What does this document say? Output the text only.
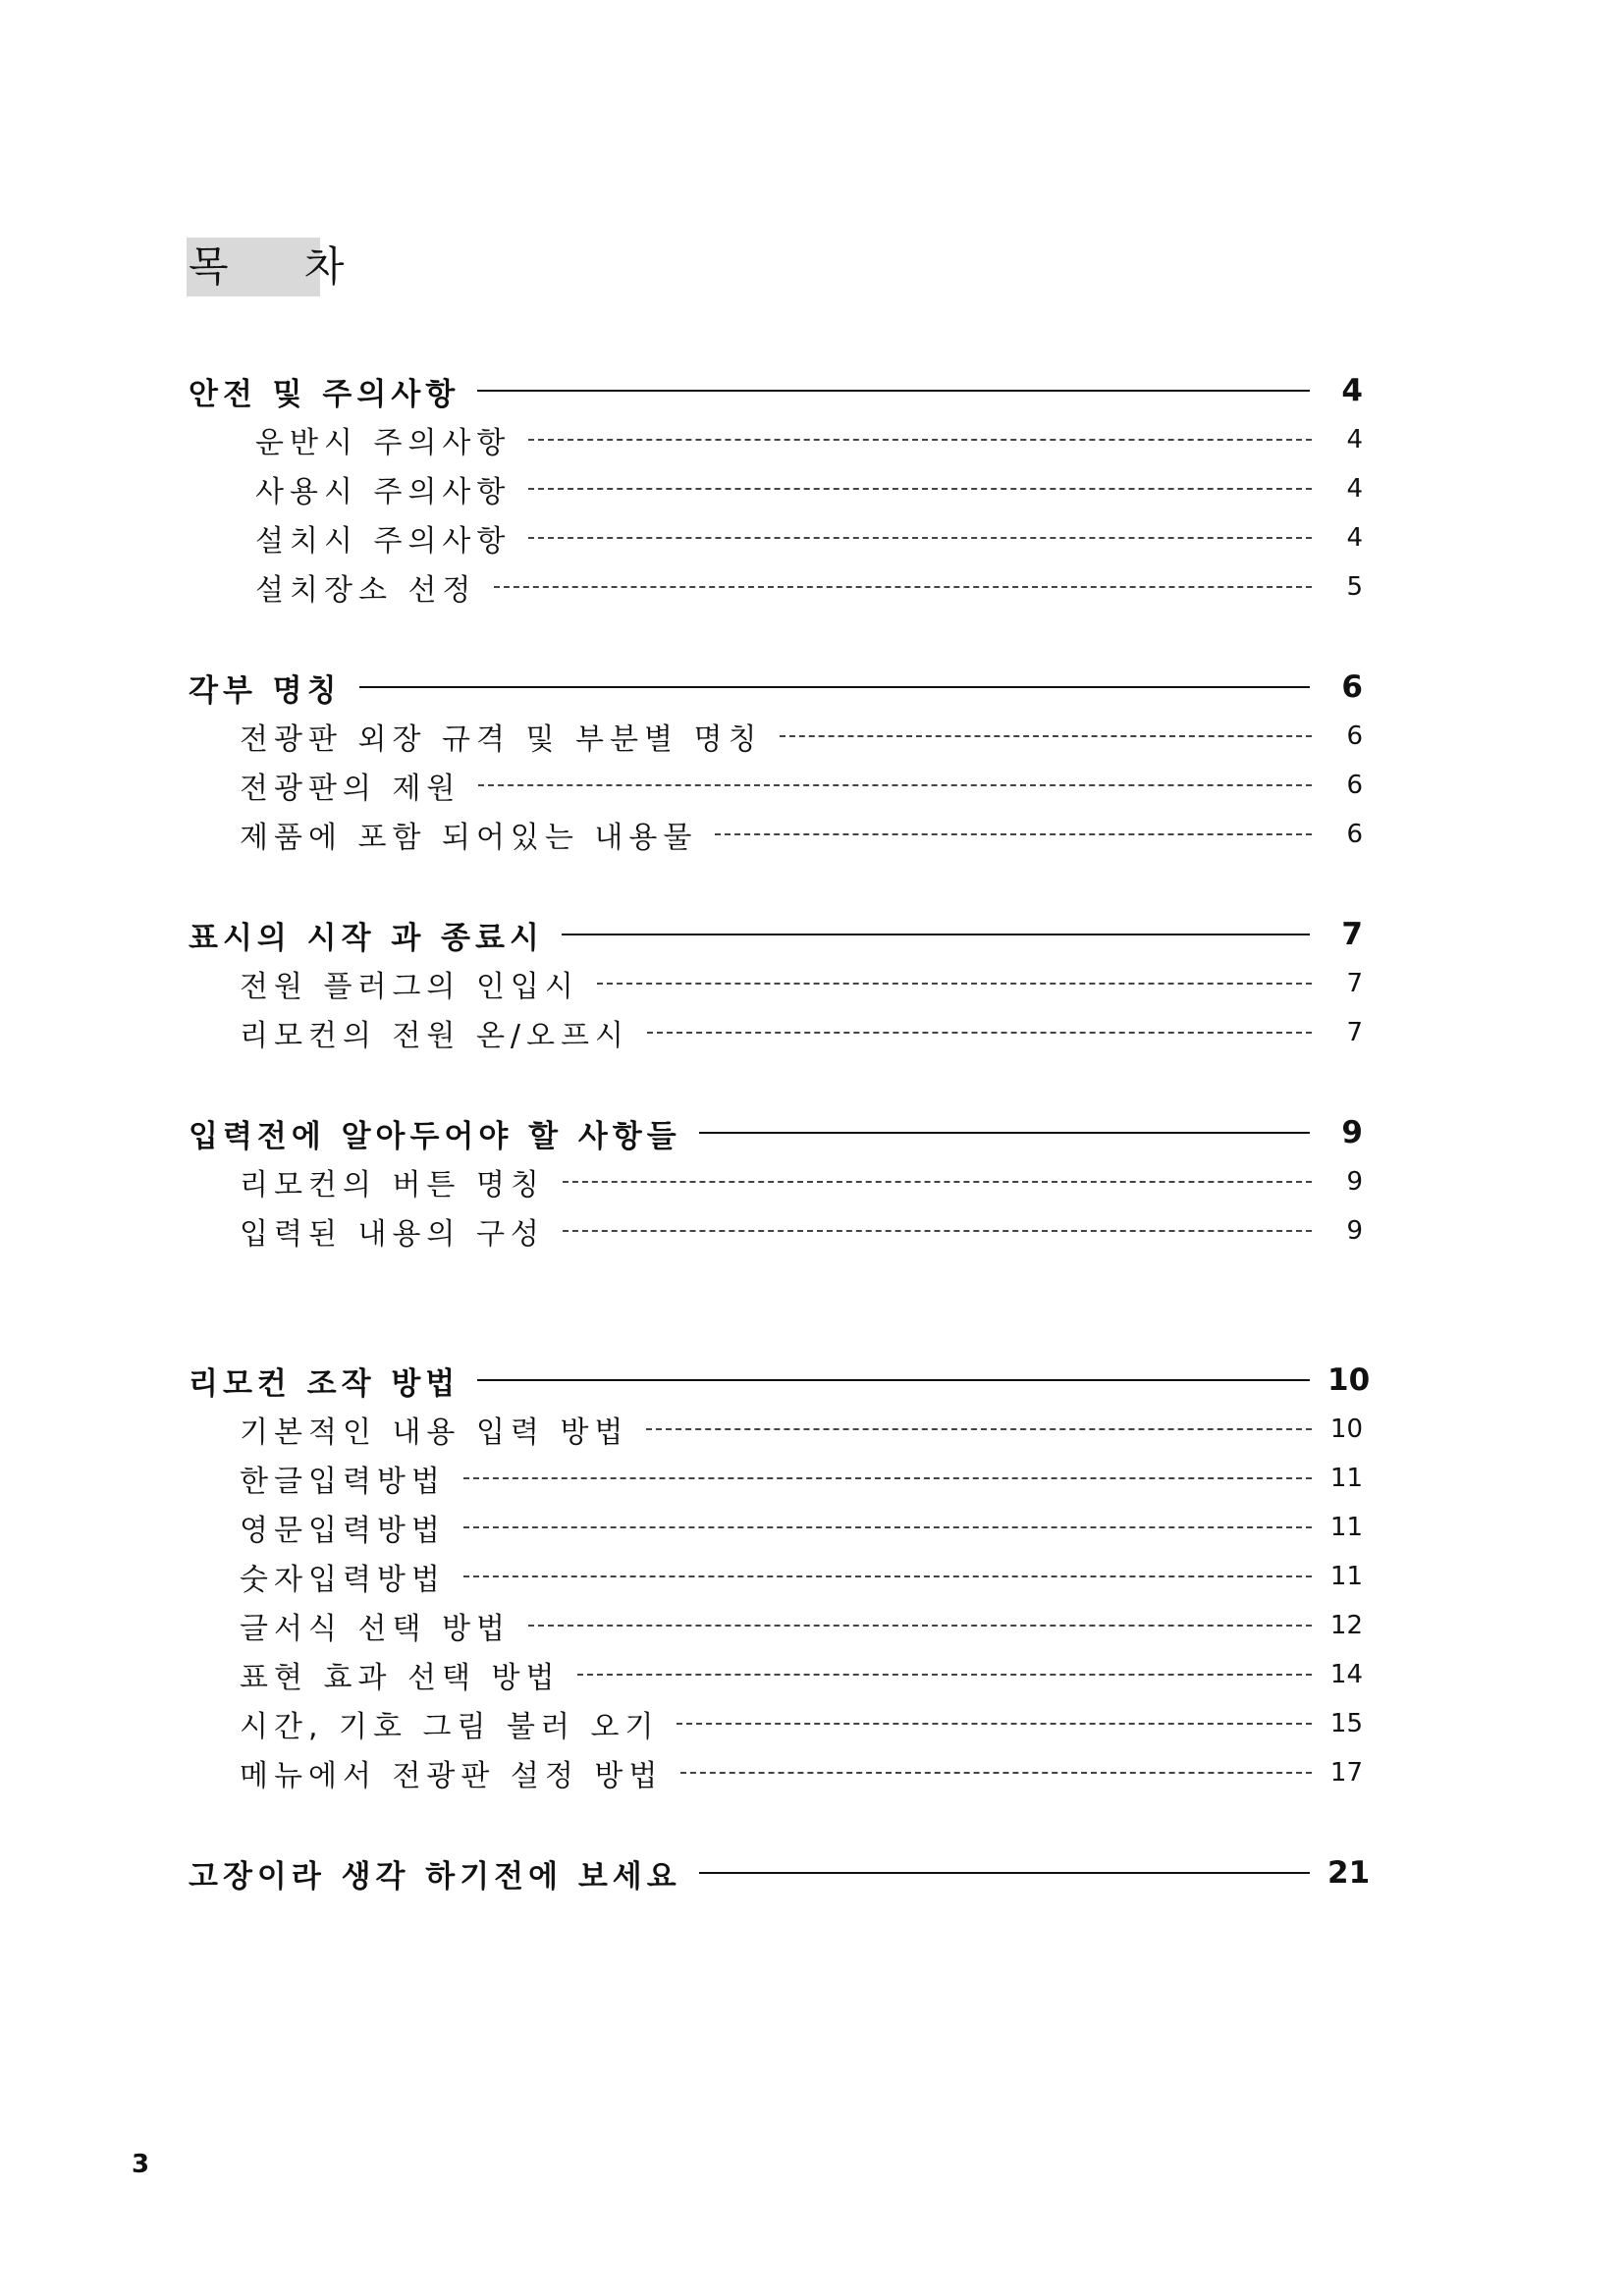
목 차
안전 및 주의사항	4
운반시 주의사항	4
사용시 주의사항	4
설치시 주의사항	4
설치장소 선정	5
각부 명칭	6
전광판 외장 규격 및 부분별 명칭	6
전광판의 제원	6
제품에 포함 되어있는 내용물	6
표시의 시작 과 종료시	7
전원 플러그의 인입시	7
리모컨의 전원 온/오프시	7
입력전에 알아두어야 할 사항들	9
리모컨의 버튼 명칭	9
입력된 내용의 구성	9
리모컨 조작 방법	10
기본적인 내용 입력 방법	10
한글입력방법	11
영문입력방법	11
숫자입력방법	11
글서식 선택 방법	12
표현 효과 선택 방법	14
시간, 기호 그림 불러 오기	15
메뉴에서 전광판 설정 방법	17
고장이라 생각 하기전에 보세요	21
3
